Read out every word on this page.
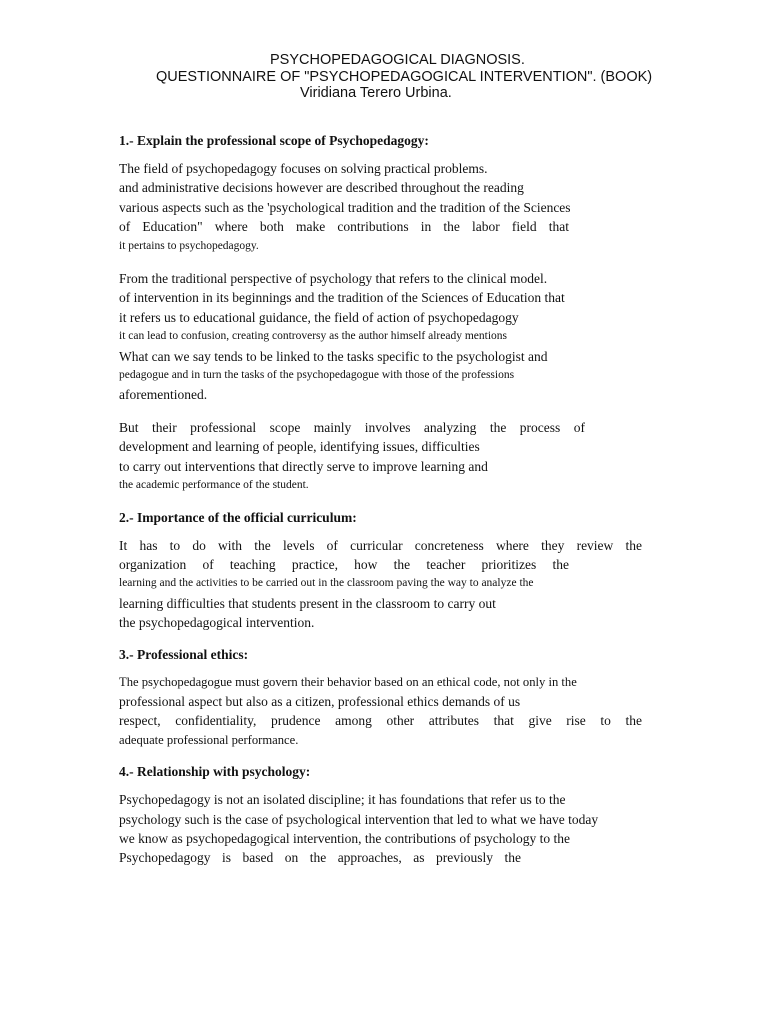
PSYCHOPEDAGOGICAL DIAGNOSIS.
QUESTIONNAIRE OF "PSYCHOPEDAGOGICAL INTERVENTION". (BOOK)
Viridiana Terero Urbina.
1.- Explain the professional scope of Psychopedagogy:
The field of psychopedagogy focuses on solving practical problems.
and administrative decisions however are described throughout the reading
various aspects such as the 'psychological tradition and the tradition of the Sciences
of Education" where both make contributions in the labor field that
it pertains to psychopedagogy.
From the traditional perspective of psychology that refers to the clinical model.
of intervention in its beginnings and the tradition of the Sciences of Education that
it refers us to educational guidance, the field of action of psychopedagogy
it can lead to confusion, creating controversy as the author himself already mentions
What can we say tends to be linked to the tasks specific to the psychologist and
pedagogue and in turn the tasks of the psychopedagogue with those of the professions
aforementioned.
But their professional scope mainly involves analyzing the process of
development and learning of people, identifying issues, difficulties
to carry out interventions that directly serve to improve learning and
the academic performance of the student.
2.- Importance of the official curriculum:
It has to do with the levels of curricular concreteness where they review the
organization of teaching practice, how the teacher prioritizes the
learning and the activities to be carried out in the classroom paving the way to analyze the
learning difficulties that students present in the classroom to carry out
the psychopedagogical intervention.
3.- Professional ethics:
The psychopedagogue must govern their behavior based on an ethical code, not only in the
professional aspect but also as a citizen, professional ethics demands of us
respect, confidentiality, prudence among other attributes that give rise to the
adequate professional performance.
4.- Relationship with psychology:
Psychopedagogy is not an isolated discipline; it has foundations that refer us to the
psychology such is the case of psychological intervention that led to what we have today
we know as psychopedagogical intervention, the contributions of psychology to the
Psychopedagogy is based on the approaches, as previously the
